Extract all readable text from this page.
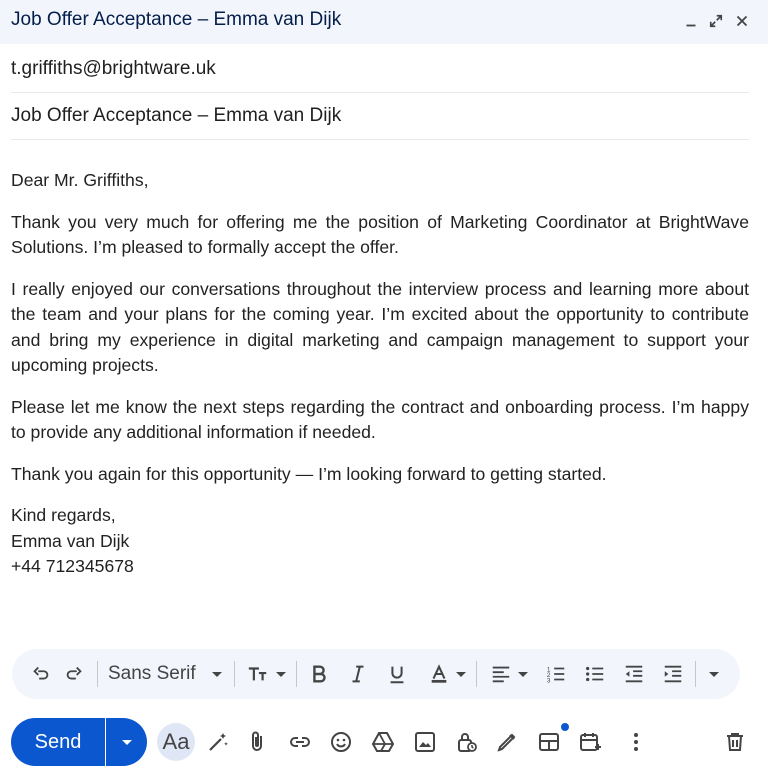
Job Offer Acceptance – Emma van Dijk
t.griffiths@brightware.uk
Job Offer Acceptance – Emma van Dijk

Dear Mr. Griffiths,

Thank you very much for offering me the position of Marketing Coordinator at BrightWave Solutions. I’m pleased to formally accept the offer.

I really enjoyed our conversations throughout the interview process and learning more about the team and your plans for the coming year. I’m excited about the opportunity to contribute and bring my experience in digital marketing and campaign management to support your upcoming projects.

Please let me know the next steps regarding the contract and onboarding process. I’m happy to provide any additional information if needed.

Thank you again for this opportunity — I’m looking forward to getting started.

Kind regards,
Emma van Dijk
+44 712345678
Sans Serif	1
2
3
Send	Aa
